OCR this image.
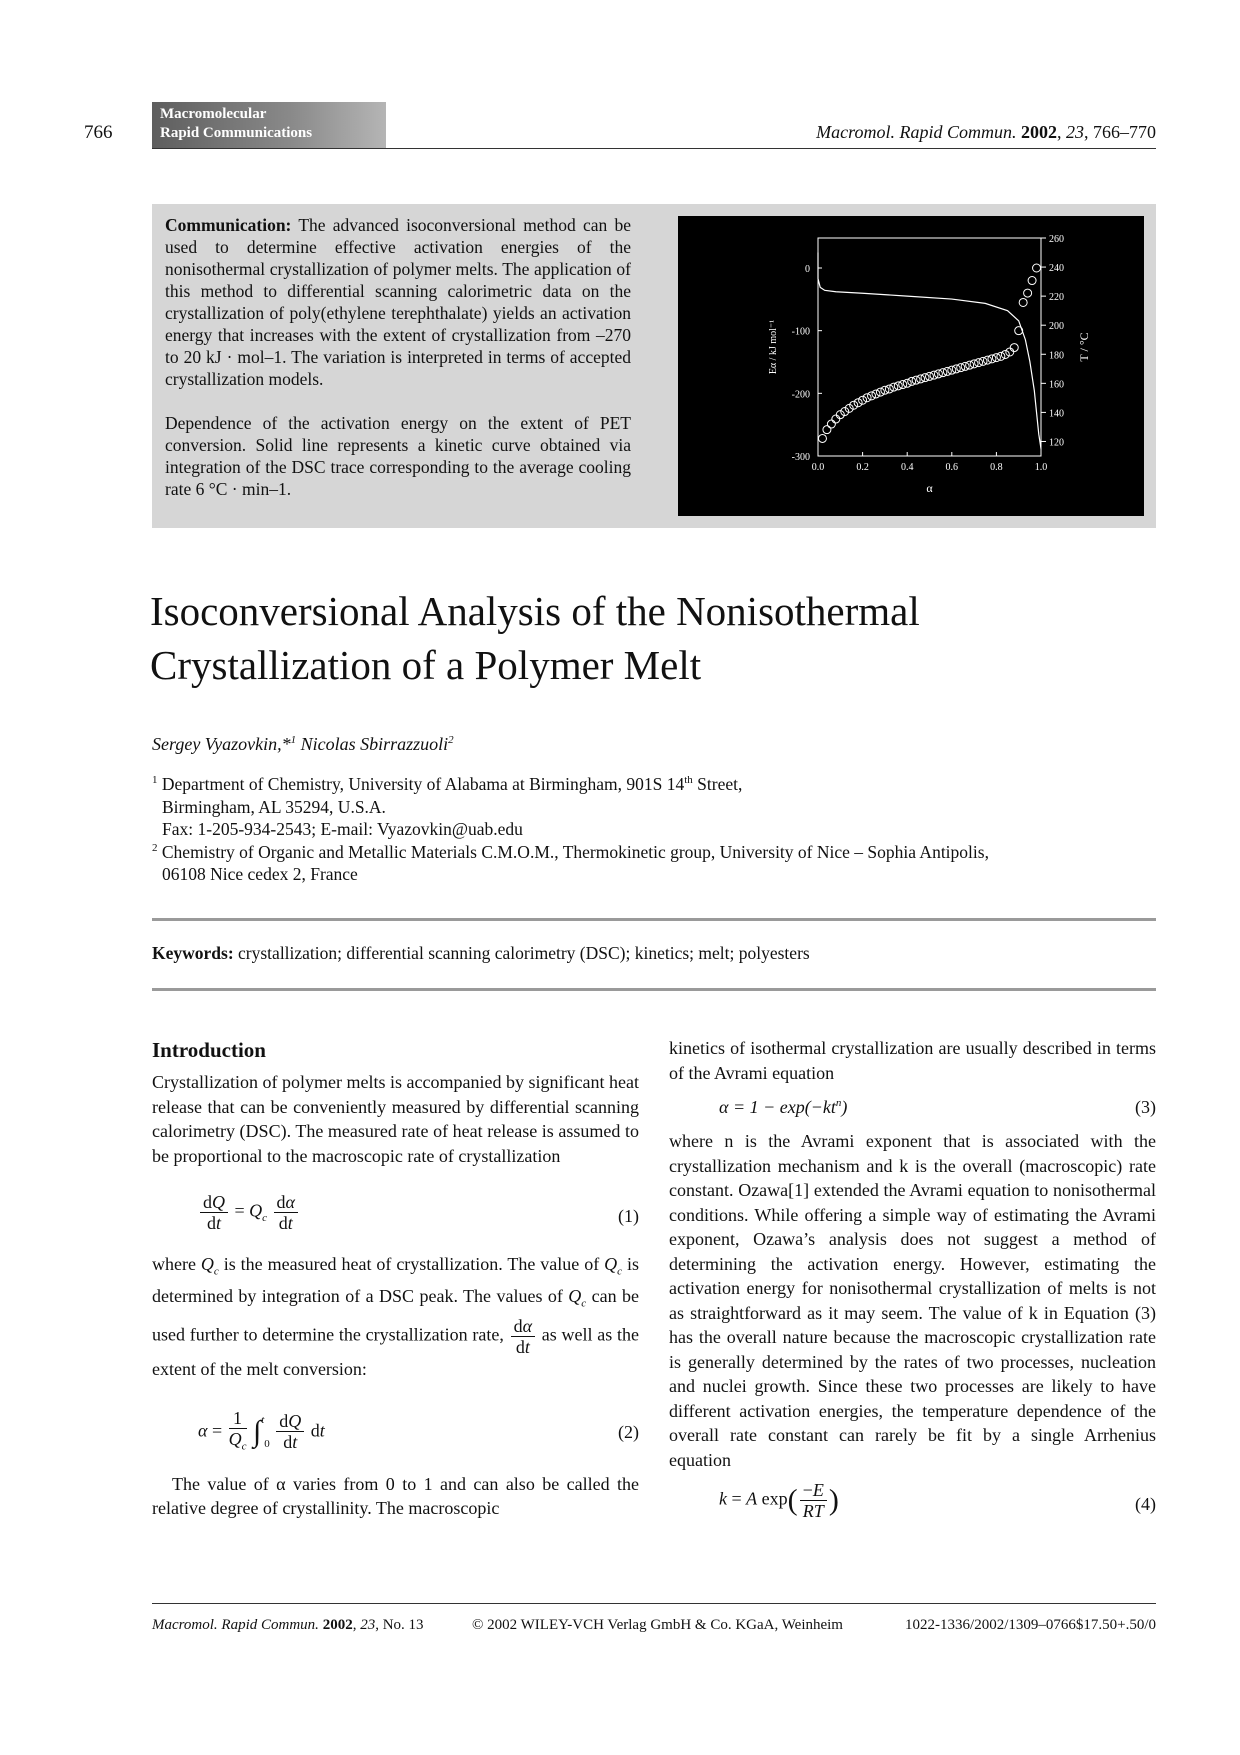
766
Macromolecular
Rapid Communications	Macromol. Rapid Commun. 2002, 23, 766–770

Communication: The advanced isoconversional method can be used to determine effective activation energies of the nonisothermal crystallization of polymer melts. The application of this method to differential scanning calorimetric data on the crystallization of poly(ethylene terephthalate) yields an activation energy that increases with the extent of crystallization from –270 to 20 kJ · mol–1. The variation is interpreted in terms of accepted crystallization models.

Dependence of the activation energy on the extent of PET conversion. Solid line represents a kinetic curve obtained via integration of the DSC trace corresponding to the average cooling rate 6 °C · min–1.

0.0	0.2	0.4	0.6	0.8	1.0
0
-100
-200
-300
260
240
220
200
180
160
140
120
α
Eα / kJ mol⁻¹	T / °C
Isoconversional Analysis of the Nonisothermal Crystallization of a Polymer Melt
Sergey Vyazovkin,*$^1$ Nicolas Sbirrazzuoli$^2$
$^1$ Department of Chemistry, University of Alabama at Birmingham, 901S 14th Street,
Birmingham, AL 35294, U.S.A.
Fax: 1-205-934-2543; E-mail: Vyazovkin@uab.edu
$^2$ Chemistry of Organic and Metallic Materials C.M.O.M., Thermokinetic group, University of Nice – Sophia Antipolis,
06108 Nice cedex 2, France
Keywords: crystallization; differential scanning calorimetry (DSC); kinetics; melt; polyesters
Introduction

Crystallization of polymer melts is accompanied by significant heat release that can be conveniently measured by differential scanning calorimetry (DSC). The measured rate of heat release is assumed to be proportional to the macroscopic rate of crystallization

$\frac{dQ}{dt} = Q_c \frac{d\alpha}{dt}$	(1)

where $Q_c$ is the measured heat of crystallization. The value of $Q_c$ is determined by integration of a DSC peak. The values of $Q_c$ can be used further to determine the crystallization rate, $\frac{d\alpha}{dt}$ as well as the extent of the melt conversion:

$\alpha = \frac{1}{Q_c} \int^t0 \frac{dQ}{dt}$ dt	(2)

The value of α varies from 0 to 1 and can also be called the relative degree of crystallinity. The macroscopic

kinetics of isothermal crystallization are usually described in terms of the Avrami equation

$\alpha = 1 - \exp(-kt^n)$	(3)

where n is the Avrami exponent that is associated with the crystallization mechanism and k is the overall (macroscopic) rate constant. Ozawa[1] extended the Avrami equation to nonisothermal conditions. While offering a simple way of estimating the Avrami exponent, Ozawa’s analysis does not suggest a method of determining the activation energy. However, estimating the activation energy for nonisothermal crystallization of melts is not as straightforward as it may seem. The value of k in Equation (3) has the overall nature because the macroscopic crystallization rate is generally determined by the rates of two processes, nucleation and nuclei growth. Since these two processes are likely to have different activation energies, the temperature dependence of the overall rate constant can rarely be fit by a single Arrhenius equation

k = A $\exp( \frac{-E}{RT}$ )	(4)
Macromol. Rapid Commun. 2002, 23, No. 13	© 2002 WILEY-VCH Verlag GmbH & Co. KGaA, Weinheim	1022-1336/2002/1309–0766$17.50+.50/0
